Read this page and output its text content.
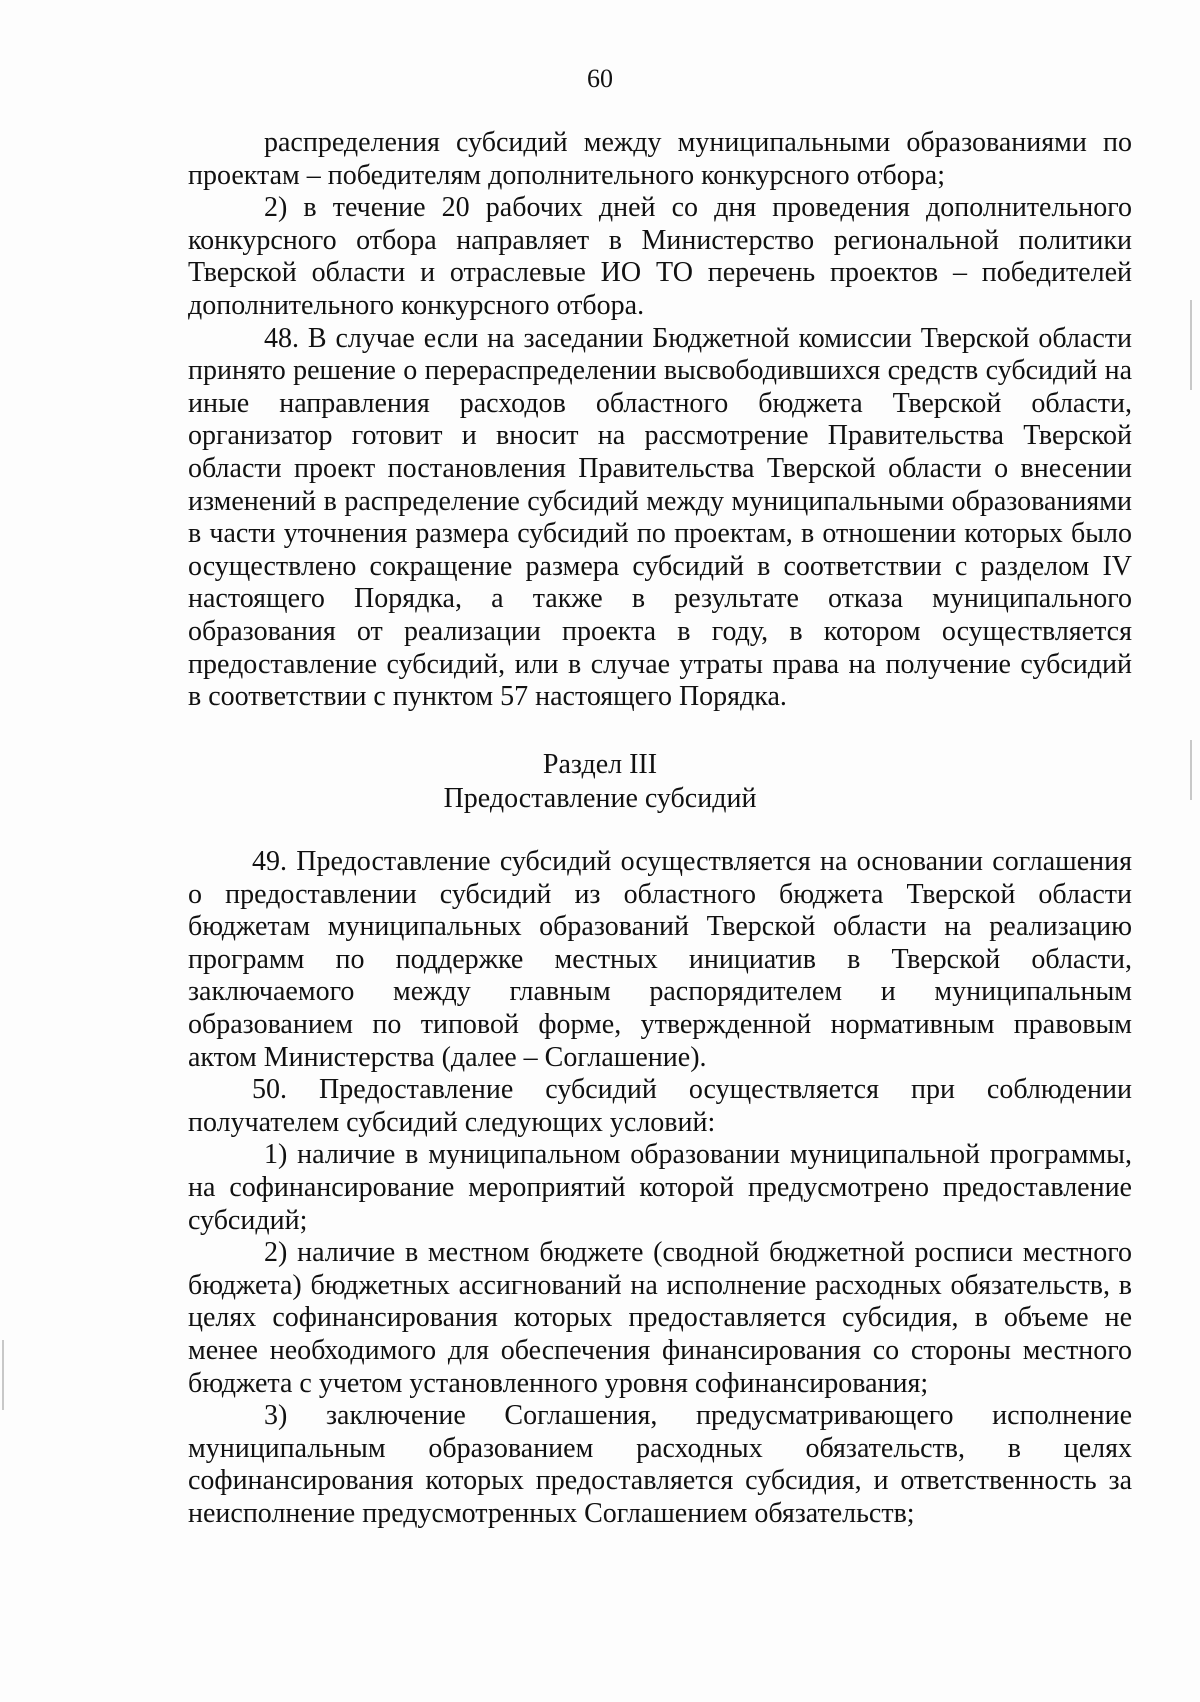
60
распределения субсидий между муниципальными образованиями по
проектам – победителям дополнительного конкурсного отбора;
2) в течение 20 рабочих дней со дня проведения дополнительного
конкурсного отбора направляет в Министерство региональной политики
Тверской области и отраслевые ИО ТО перечень проектов – победителей
дополнительного конкурсного отбора.
48. В случае если на заседании Бюджетной комиссии Тверской области
принято решение о перераспределении высвободившихся средств субсидий на
иные направления расходов областного бюджета Тверской области,
организатор готовит и вносит на рассмотрение Правительства Тверской
области проект постановления Правительства Тверской области о внесении
изменений в распределение субсидий между муниципальными образованиями
в части уточнения размера субсидий по проектам, в отношении которых было
осуществлено сокращение размера субсидий в соответствии с разделом IV
настоящего Порядка, а также в результате отказа муниципального
образования от реализации проекта в году, в котором осуществляется
предоставление субсидий, или в случае утраты права на получение субсидий
в соответствии с пунктом 57 настоящего Порядка.
Раздел III
Предоставление субсидий
49. Предоставление субсидий осуществляется на основании соглашения
о предоставлении субсидий из областного бюджета Тверской области
бюджетам муниципальных образований Тверской области на реализацию
программ по поддержке местных инициатив в Тверской области,
заключаемого между главным распорядителем и муниципальным
образованием по типовой форме, утвержденной нормативным правовым
актом Министерства (далее – Соглашение).
50. Предоставление субсидий осуществляется при соблюдении
получателем субсидий следующих условий:
1) наличие в муниципальном образовании муниципальной программы,
на софинансирование мероприятий которой предусмотрено предоставление
субсидий;
2) наличие в местном бюджете (сводной бюджетной росписи местного
бюджета) бюджетных ассигнований на исполнение расходных обязательств, в
целях софинансирования которых предоставляется субсидия, в объеме не
менее необходимого для обеспечения финансирования со стороны местного
бюджета с учетом установленного уровня софинансирования;
3) заключение Соглашения, предусматривающего исполнение
муниципальным образованием расходных обязательств, в целях
софинансирования которых предоставляется субсидия, и ответственность за
неисполнение предусмотренных Соглашением обязательств;
